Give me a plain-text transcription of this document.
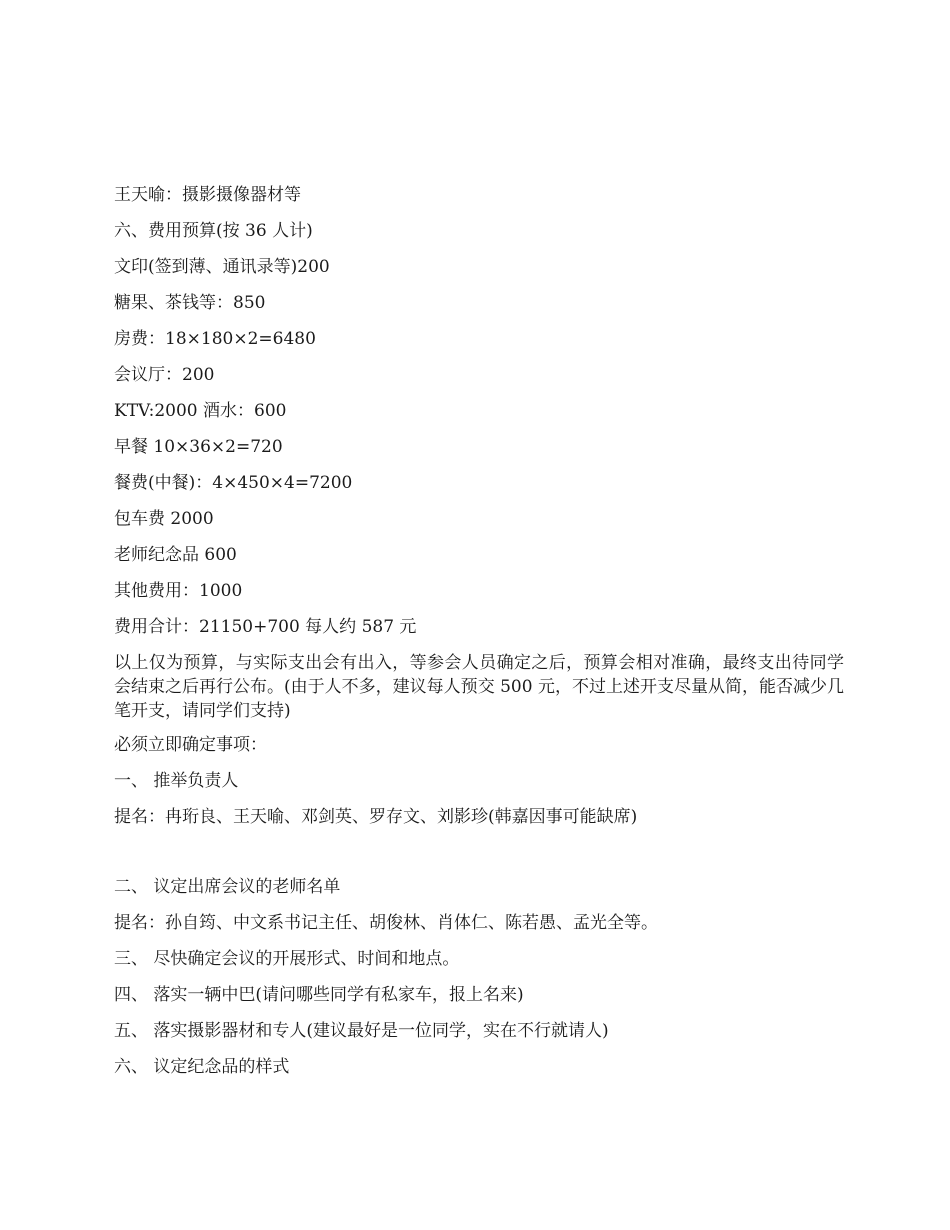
王天喻：摄影摄像器材等
六、费用预算(按 36 人计)
文印(签到薄、通讯录等)200
糖果、茶钱等：850
房费：18×180×2=6480
会议厅：200
KTV:2000 酒水：600
早餐 10×36×2=720
餐费(中餐)：4×450×4=7200
包车费 2000
老师纪念品 600
其他费用：1000
费用合计：21150+700 每人约 587 元
以上仅为预算，与实际支出会有出入，等参会人员确定之后，预算会相对准确，最终支出待同学会结束之后再行公布。(由于人不多，建议每人预交 500 元，不过上述开支尽量从简，能否减少几笔开支，请同学们支持)
必须立即确定事项：
一、 推举负责人
提名：冉珩良、王天喻、邓剑英、罗存文、刘影珍(韩嘉因事可能缺席)
二、 议定出席会议的老师名单
提名：孙自筠、中文系书记主任、胡俊林、肖体仁、陈若愚、孟光全等。
三、 尽快确定会议的开展形式、时间和地点。
四、 落实一辆中巴(请问哪些同学有私家车，报上名来)
五、 落实摄影器材和专人(建议最好是一位同学，实在不行就请人)
六、 议定纪念品的样式
